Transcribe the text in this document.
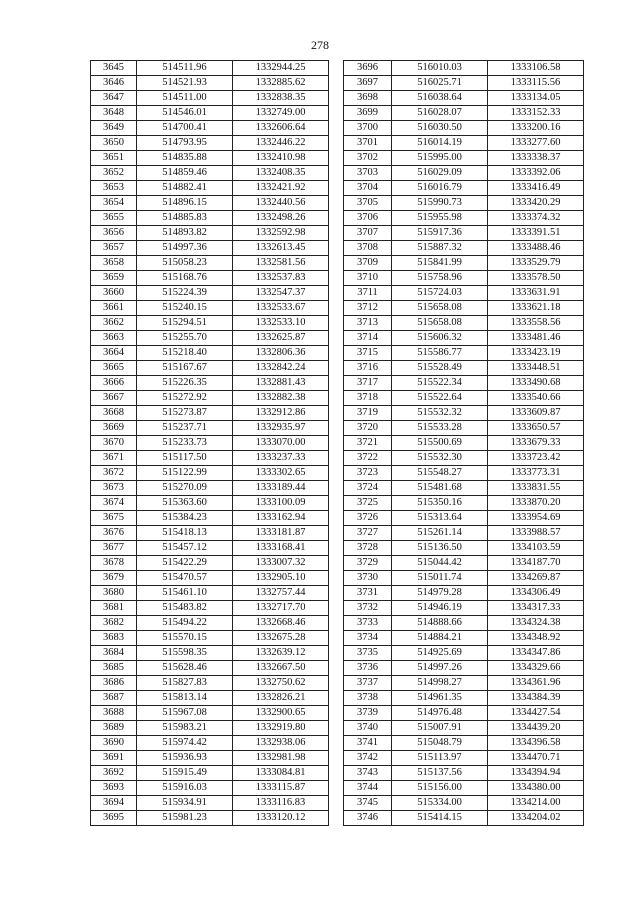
278
3645	514511.96	1332944.25
3646	514521.93	1332885.62
3647	514511.00	1332838.35
3648	514546.01	1332749.00
3649	514700.41	1332606.64
3650	514793.95	1332446.22
3651	514835.88	1332410.98
3652	514859.46	1332408.35
3653	514882.41	1332421.92
3654	514896.15	1332440.56
3655	514885.83	1332498.26
3656	514893.82	1332592.98
3657	514997.36	1332613.45
3658	515058.23	1332581.56
3659	515168.76	1332537.83
3660	515224.39	1332547.37
3661	515240.15	1332533.67
3662	515294.51	1332533.10
3663	515255.70	1332625.87
3664	515218.40	1332806.36
3665	515167.67	1332842.24
3666	515226.35	1332881.43
3667	515272.92	1332882.38
3668	515273.87	1332912.86
3669	515237.71	1332935.97
3670	515233.73	1333070.00
3671	515117.50	1333237.33
3672	515122.99	1333302.65
3673	515270.09	1333189.44
3674	515363.60	1333100.09
3675	515384.23	1333162.94
3676	515418.13	1333181.87
3677	515457.12	1333168.41
3678	515422.29	1333007.32
3679	515470.57	1332905.10
3680	515461.10	1332757.44
3681	515483.82	1332717.70
3682	515494.22	1332668.46
3683	515570.15	1332675.28
3684	515598.35	1332639.12
3685	515628.46	1332667.50
3686	515827.83	1332750.62
3687	515813.14	1332826.21
3688	515967.08	1332900.65
3689	515983.21	1332919.80
3690	515974.42	1332938.06
3691	515936.93	1332981.98
3692	515915.49	1333084.81
3693	515916.03	1333115.87
3694	515934.91	1333116.83
3695	515981.23	1333120.12
3696	516010.03	1333106.58
3697	516025.71	1333115.56
3698	516038.64	1333134.05
3699	516028.07	1333152.33
3700	516030.50	1333200.16
3701	516014.19	1333277.60
3702	515995.00	1333338.37
3703	516029.09	1333392.06
3704	516016.79	1333416.49
3705	515990.73	1333420.29
3706	515955.98	1333374.32
3707	515917.36	1333391.51
3708	515887.32	1333488.46
3709	515841.99	1333529.79
3710	515758.96	1333578.50
3711	515724.03	1333631.91
3712	515658.08	1333621.18
3713	515658.08	1333558.56
3714	515606.32	1333481.46
3715	515586.77	1333423.19
3716	515528.49	1333448.51
3717	515522.34	1333490.68
3718	515522.64	1333540.66
3719	515532.32	1333609.87
3720	515533.28	1333650.57
3721	515500.69	1333679.33
3722	515532.30	1333723.42
3723	515548.27	1333773.31
3724	515481.68	1333831.55
3725	515350.16	1333870.20
3726	515313.64	1333954.69
3727	515261.14	1333988.57
3728	515136.50	1334103.59
3729	515044.42	1334187.70
3730	515011.74	1334269.87
3731	514979.28	1334306.49
3732	514946.19	1334317.33
3733	514888.66	1334324.38
3734	514884.21	1334348.92
3735	514925.69	1334347.86
3736	514997.26	1334329.66
3737	514998.27	1334361.96
3738	514961.35	1334384.39
3739	514976.48	1334427.54
3740	515007.91	1334439.20
3741	515048.79	1334396.58
3742	515113.97	1334470.71
3743	515137.56	1334394.94
3744	515156.00	1334380.00
3745	515334.00	1334214.00
3746	515414.15	1334204.02
